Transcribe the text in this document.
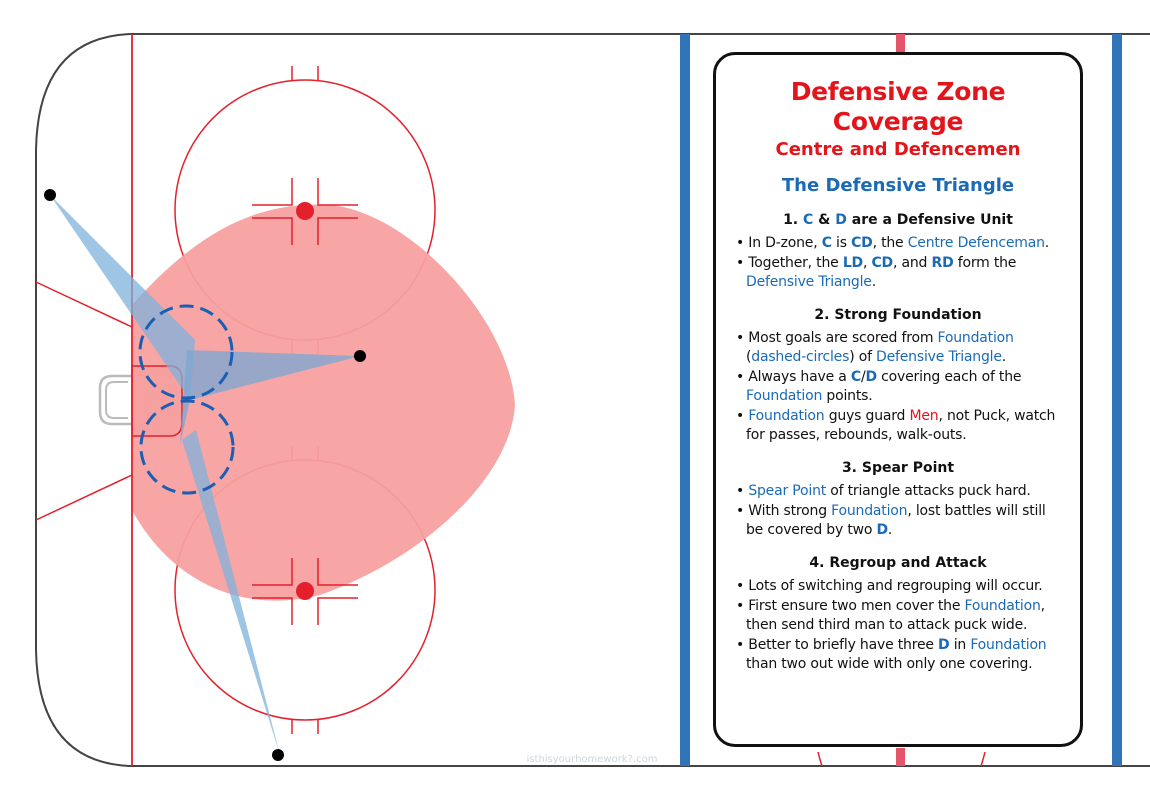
isthisyourhomework?.com
Defensive Zone Coverage
Centre and Defencemen
The Defensive Triangle
1. C & D are a Defensive Unit
• In D-zone, C is CD, the Centre Defenceman.
• Together, the LD, CD, and RD form the Defensive Triangle.
2. Strong Foundation
• Most goals are scored from Foundation (dashed-circles) of Defensive Triangle.
• Always have a C/D covering each of the Foundation points.
• Foundation guys guard Men, not Puck, watch for passes, rebounds, walk-outs.
3. Spear Point
• Spear Point of triangle attacks puck hard.
• With strong Foundation, lost battles will still be covered by two D.
4. Regroup and Attack
• Lots of switching and regrouping will occur.
• First ensure two men cover the Foundation, then send third man to attack puck wide.
• Better to briefly have three D in Foundation than two out wide with only one covering.
